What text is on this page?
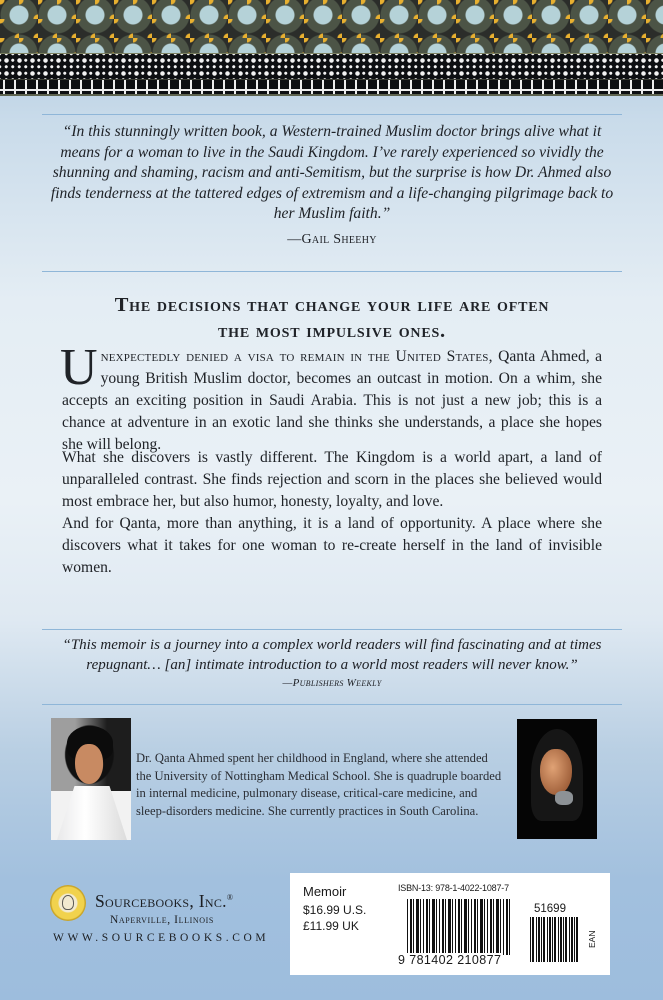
“In this stunningly written book, a Western-trained Muslim doctor brings alive what it means for a woman to live in the Saudi Kingdom. I’ve rarely experienced so vividly the shunning and shaming, racism and anti-Semitism, but the surprise is how Dr. Ahmed also finds tenderness at the tattered edges of extremism and a life-changing pilgrimage back to her Muslim faith.”

—Gail Sheehy

The decisions that change your life are often
the most impulsive ones.

Unexpectedly denied a visa to remain in the United States, Qanta Ahmed, a young British Muslim doctor, becomes an outcast in motion. On a whim, she accepts an exciting position in Saudi Arabia. This is not just a new job; this is a chance at adventure in an exotic land she thinks she understands, a place she hopes she will belong.

What she discovers is vastly different. The Kingdom is a world apart, a land of unparalleled contrast. She finds rejection and scorn in the places she believed would most embrace her, but also humor, honesty, loyalty, and love.

And for Qanta, more than anything, it is a land of opportunity. A place where she discovers what it takes for one woman to re-create herself in the land of invisible women.

“This memoir is a journey into a complex world readers will find fascinating and at times repugnant… [an] intimate introduction to a world most readers will never know.”

—Publishers Weekly

Dr. Qanta Ahmed spent her childhood in England, where she attended the University of Nottingham Medical School. She is quadruple boarded in internal medicine, pulmonary disease, critical-care medicine, and sleep-disorders medicine. She currently practices in South Carolina.

Sourcebooks, Inc.®
Naperville, Illinois
WWW.SOURCEBOOKS.COM
Memoir
$16.99 U.S.
£11.99 UK
ISBN-13: 978-1-4022-1087-7
9 781402 210877
51699
EAN
